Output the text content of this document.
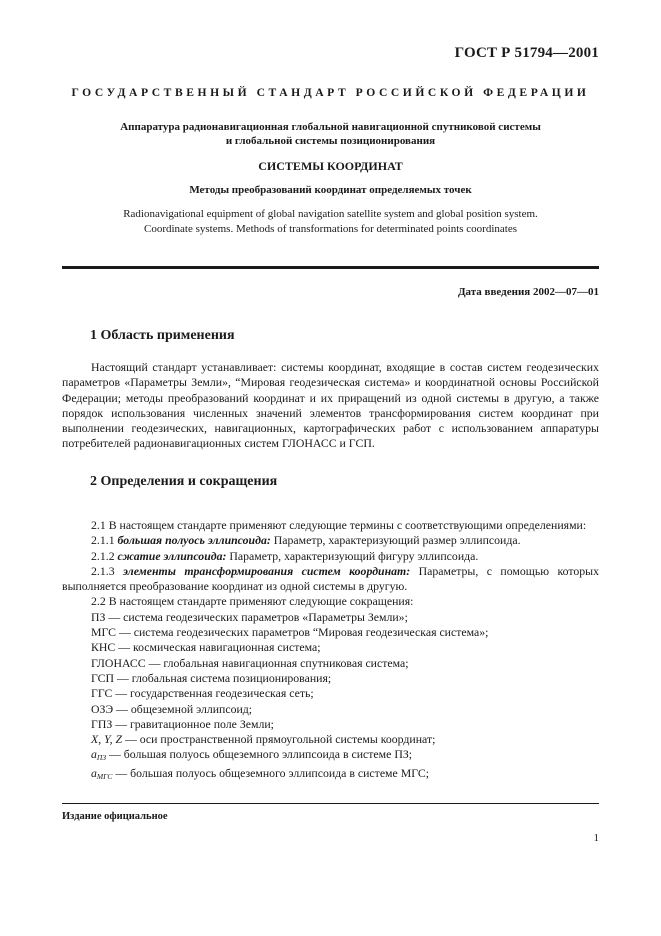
ГОСТ Р 51794—2001
ГОСУДАРСТВЕННЫЙ СТАНДАРТ РОССИЙСКОЙ ФЕДЕРАЦИИ
Аппаратура радионавигационная глобальной навигационной спутниковой системы
и глобальной системы позиционирования
СИСТЕМЫ КООРДИНАТ
Методы преобразований координат определяемых точек
Radionavigational equipment of global navigation satellite system and global position system.
Coordinate systems. Methods of transformations for determinated points coordinates
Дата введения 2002—07—01
1 Область применения
Настоящий стандарт устанавливает: системы координат, входящие в состав систем геодезических параметров «Параметры Земли», “Мировая геодезическая система» и координатной основы Российской Федерации; методы преобразований координат и их приращений из одной системы в другую, а также порядок использования численных значений элементов трансформирования систем координат при выполнении геодезических, навигационных, картографических работ с использованием аппаратуры потребителей радионавигационных систем ГЛОНАСС и ГСП.
2 Определения и сокращения

2.1 В настоящем стандарте применяют следующие термины с соответствующими определениями:

2.1.1 большая полуось эллипсоида: Параметр, характеризующий размер эллипсоида.

2.1.2 сжатие эллипсоида: Параметр, характеризующий фигуру эллипсоида.

2.1.3 элементы трансформирования систем координат: Параметры, с помощью которых выполняется преобразование координат из одной системы в другую.

2.2 В настоящем стандарте применяют следующие сокращения:

ПЗ — система геодезических параметров «Параметры Земли»;

МГС — система геодезических параметров “Мировая геодезическая система»;

КНС — космическая навигационная система;

ГЛОНАСС — глобальная навигационная спутниковая система;

ГСП — глобальная система позиционирования;

ГГС — государственная геодезическая сеть;

ОЗЭ — общеземной эллипсоид;

ГПЗ — гравитационное поле Земли;

X, Y, Z — оси пространственной прямоугольной системы координат;

$a_{ПЗ}$ — большая полуось общеземного эллипсоида в системе ПЗ;

$a_{МГС}$ — большая полуось общеземного эллипсоида в системе МГС;

Издание официальное
1
